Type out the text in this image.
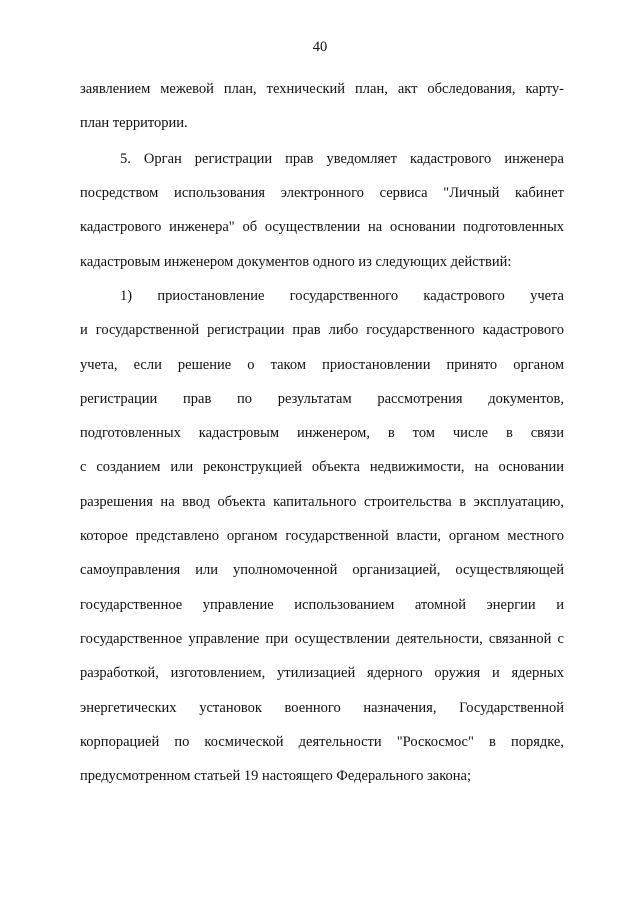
40
заявлением межевой план, технический план, акт обследования, карту-
план территории.
5. Орган регистрации прав уведомляет кадастрового инженера
посредством использования электронного сервиса "Личный кабинет
кадастрового инженера" об осуществлении на основании подготовленных
кадастровым инженером документов одного из следующих действий:
1) приостановление государственного кадастрового учета
и государственной регистрации прав либо государственного кадастрового
учета, если решение о таком приостановлении принято органом
регистрации прав по результатам рассмотрения документов,
подготовленных кадастровым инженером, в том числе в связи
с созданием или реконструкцией объекта недвижимости, на основании
разрешения на ввод объекта капитального строительства в эксплуатацию,
которое представлено органом государственной власти, органом местного
самоуправления или уполномоченной организацией, осуществляющей
государственное управление использованием атомной энергии и
государственное управление при осуществлении деятельности, связанной с
разработкой, изготовлением, утилизацией ядерного оружия и ядерных
энергетических установок военного назначения, Государственной
корпорацией по космической деятельности "Роскосмос" в порядке,
предусмотренном статьей 19 настоящего Федерального закона;
